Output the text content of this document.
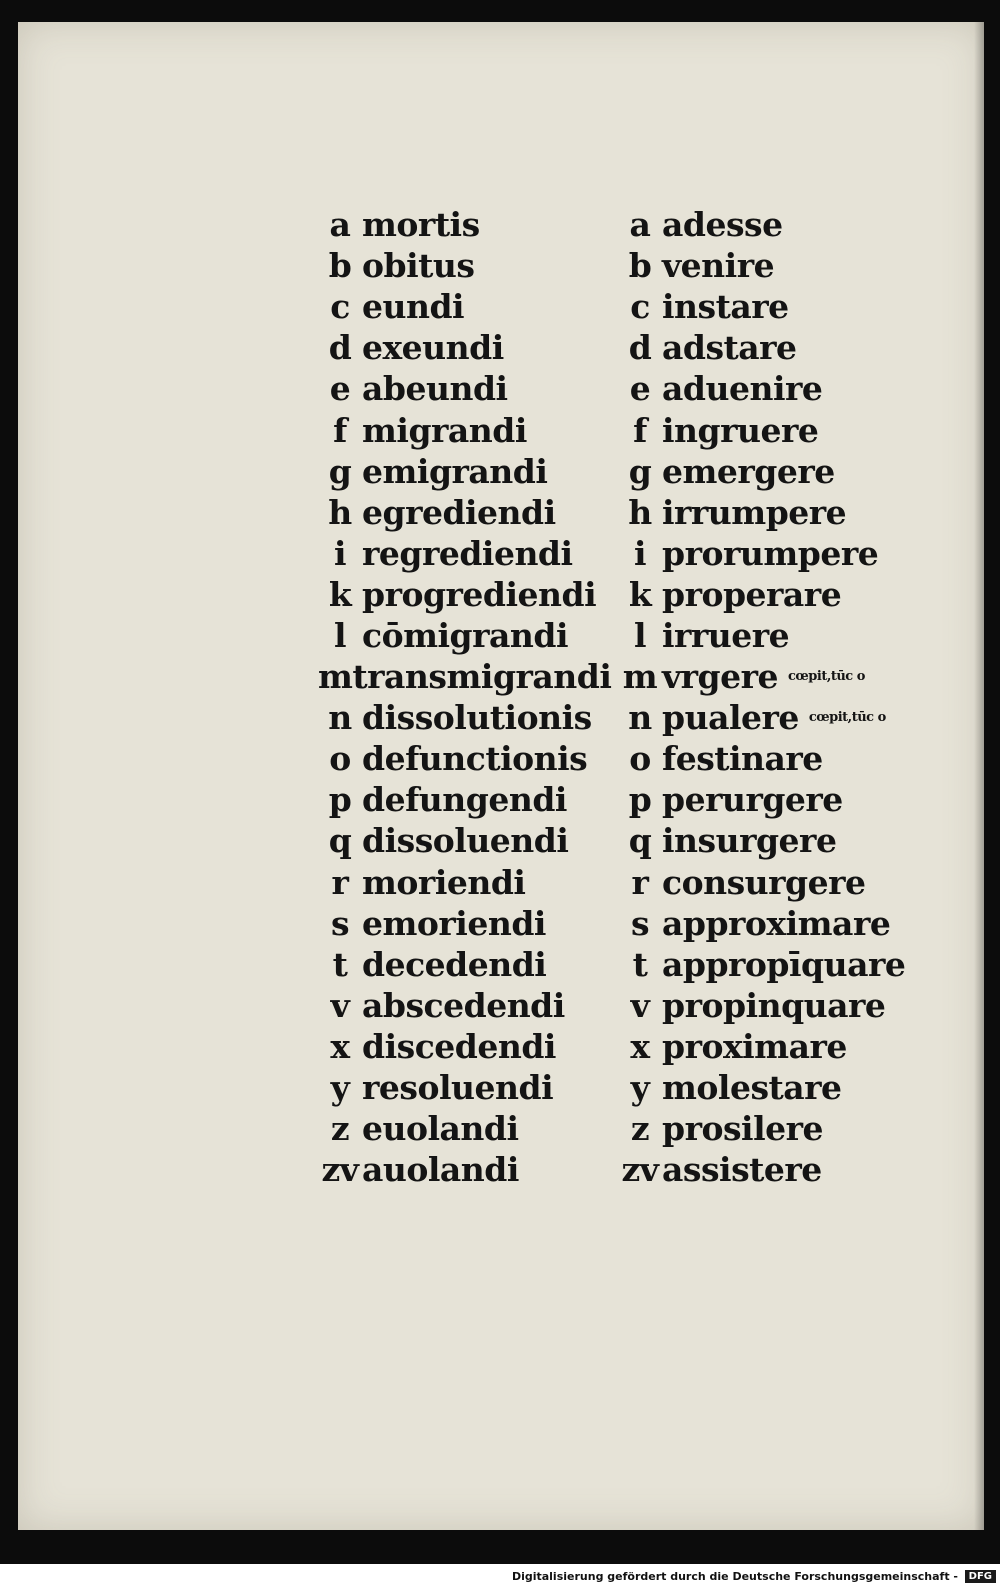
a mortis
b obitus
c eundi
d exeundi
e abeundi
f migrandi
g emigrandi
h egrediendi
i regrediendi
k progrediendi
l cōmigrandi
m transmigrandi
n dissolutionis
o defunctionis
p defungendi
q dissoluendi
r moriendi
s emoriendi
t decedendi
v abscedendi
x discedendi
y resoluendi
z euolandi
zv auolandi
a adesse
b venire
c instare
d adstare
e aduenire
f ingruere
g emergere
h irrumpere
i prorumpere
k properare
l irruere
m vrgere cœpit,tūc o
n pualere cœpit,tūc o
o festinare
p perurgere
q insurgere
r consurgere
s approximare
t appropīquare
v propinquare
x proximare
y molestare
z prosilere
zv assistere
Digitalisierung gefördert durch die Deutsche Forschungsgemeinschaft -	DFG
